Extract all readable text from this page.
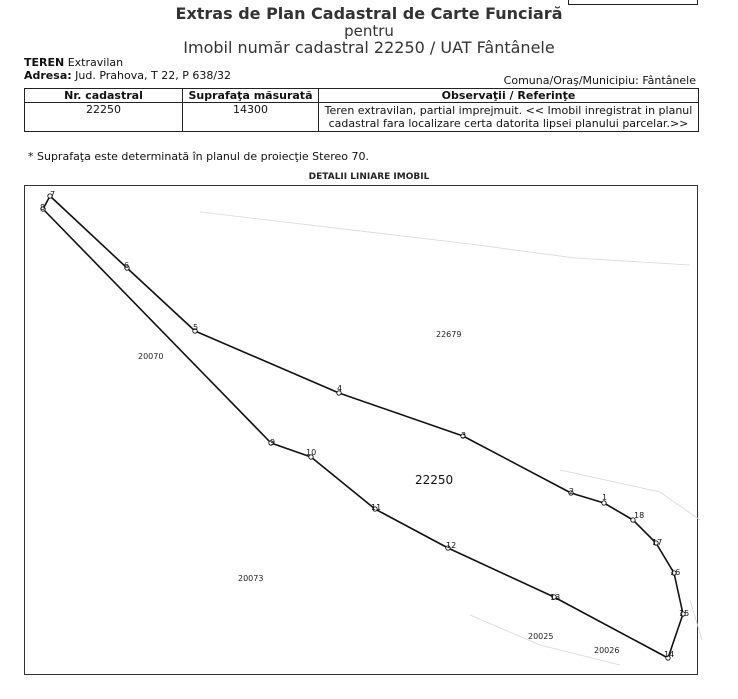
Extras de Plan Cadastral de Carte Funciară
pentru
Imobil număr cadastral 22250 / UAT Fântânele
TEREN Extravilan
Adresa: Jud. Prahova, T 22, P 638/32	Comuna/Oraş/Municipiu: Fântânele
Nr. cadastral	Suprafaţa măsurată	Observaţii / Referinţe
22250	14300	Teren extravilan, partial imprejmuit. << Imobil inregistrat in planul cadastral fara localizare certa datorita lipsei planului parcelar.>>
* Suprafaţa este determinată în planul de proiecţie Stereo 70.
DETALII LINIARE IMOBIL
1
2
3
4
5
6
7
8
9
10
11
12
13
14
15
16
17
18
22250
22679
20070
20073
20025
20026
